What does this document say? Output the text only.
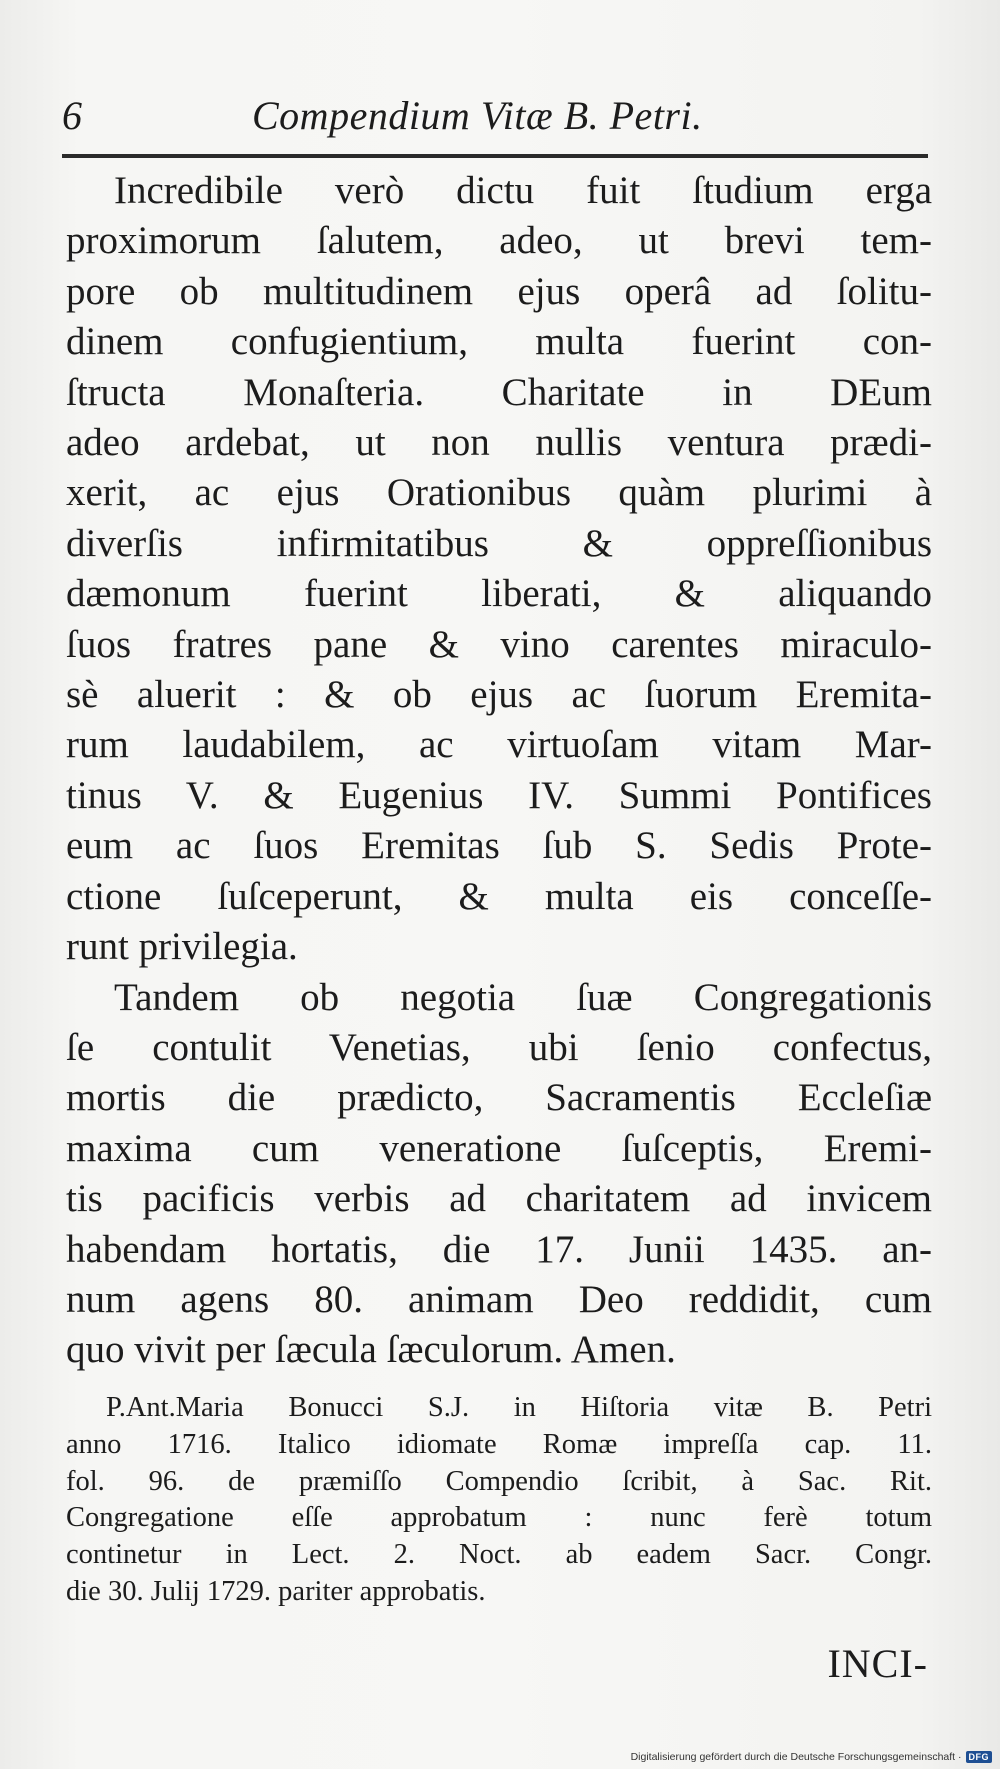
6	Compendium Vitæ B. Petri.

Incredibile verò dictu fuit ſtudium erga
proximorum ſalutem, adeo, ut brevi tem-
pore ob multitudinem ejus operâ ad ſolitu-
dinem confugientium, multa fuerint con-
ſtructa Monaſteria. Charitate in DEum
adeo ardebat, ut non nullis ventura prædi-
xerit, ac ejus Orationibus quàm plurimi à
diverſis infirmitatibus & oppreſſionibus
dæmonum fuerint liberati, & aliquando
ſuos fratres pane & vino carentes miraculo-
sè aluerit : & ob ejus ac ſuorum Eremita-
rum laudabilem, ac virtuoſam vitam Mar-
tinus V. & Eugenius IV. Summi Pontifices
eum ac ſuos Eremitas ſub S. Sedis Prote-
ctione ſuſceperunt, & multa eis conceſſe-
runt privilegia.

Tandem ob negotia ſuæ Congregationis
ſe contulit Venetias, ubi ſenio confectus,
mortis die prædicto, Sacramentis Eccleſiæ
maxima cum veneratione ſuſceptis, Eremi-
tis pacificis verbis ad charitatem ad invicem
habendam hortatis, die 17. Junii 1435. an-
num agens 80. animam Deo reddidit, cum
quo vivit per ſæcula ſæculorum. Amen.

P.Ant.Maria Bonucci S.J. in Hiſtoria vitæ B. Petri
anno 1716. Italico idiomate Romæ impreſſa cap. 11.
fol. 96. de præmiſſo Compendio ſcribit, à Sac. Rit.
Congregatione eſſe approbatum : nunc ferè totum
continetur in Lect. 2. Noct. ab eadem Sacr. Congr.
die 30. Julij 1729. pariter approbatis.
INCI-
Digitalisierung gefördert durch die Deutsche Forschungsgemeinschaft · DFG
